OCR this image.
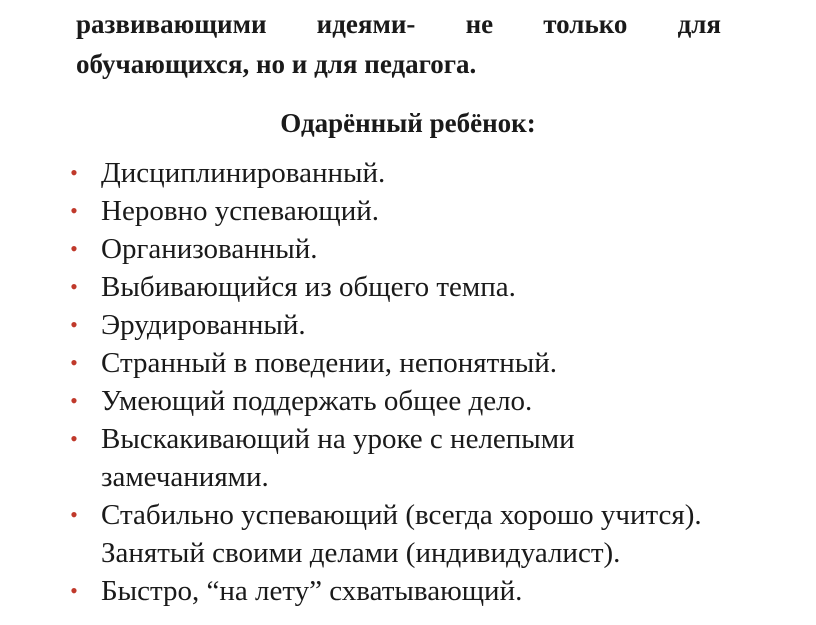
развивающими идеями- не только для
обучающихся, но и для педагога.
Одарённый ребёнок:
• Дисциплинированный.
• Неровно успевающий.
• Организованный.
• Выбивающийся из общего темпа.
• Эрудированный.
• Странный в поведении, непонятный.
• Умеющий поддержать общее дело.
• Выскакивающий на уроке с нелепыми
замечаниями.
• Стабильно успевающий (всегда хорошо учится).
Занятый своими делами (индивидуалист).
• Быстро, “на лету” схватывающий.
